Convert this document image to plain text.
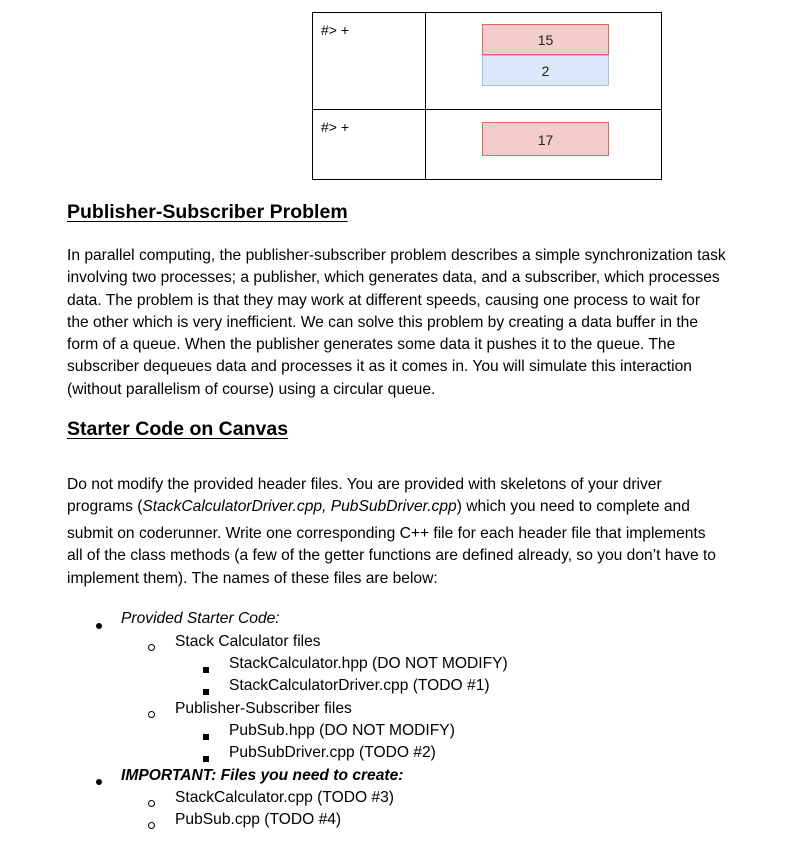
#> +	15
2

#> +	17
Publisher-Subscriber Problem
In parallel computing, the publisher-subscriber problem describes a simple synchronization task
involving two processes; a publisher, which generates data, and a subscriber, which processes
data. The problem is that they may work at different speeds, causing one process to wait for
the other which is very inefficient. We can solve this problem by creating a data buffer in the
form of a queue. When the publisher generates some data it pushes it to the queue. The
subscriber dequeues data and processes it as it comes in. You will simulate this interaction
(without parallelism of course) using a circular queue.
Starter Code on Canvas
Do not modify the provided header files. You are provided with skeletons of your driver
programs (StackCalculatorDriver.cpp, PubSubDriver.cpp) which you need to complete and
submit on coderunner. Write one corresponding C++ file for each header file that implements
all of the class methods (a few of the getter functions are defined already, so you don’t have to
implement them). The names of these files are below:
Provided Starter Code:
Stack Calculator files
StackCalculator.hpp (DO NOT MODIFY)
StackCalculatorDriver.cpp (TODO #1)
Publisher-Subscriber files
PubSub.hpp (DO NOT MODIFY)
PubSubDriver.cpp (TODO #2)
IMPORTANT: Files you need to create:
StackCalculator.cpp (TODO #3)
PubSub.cpp (TODO #4)
